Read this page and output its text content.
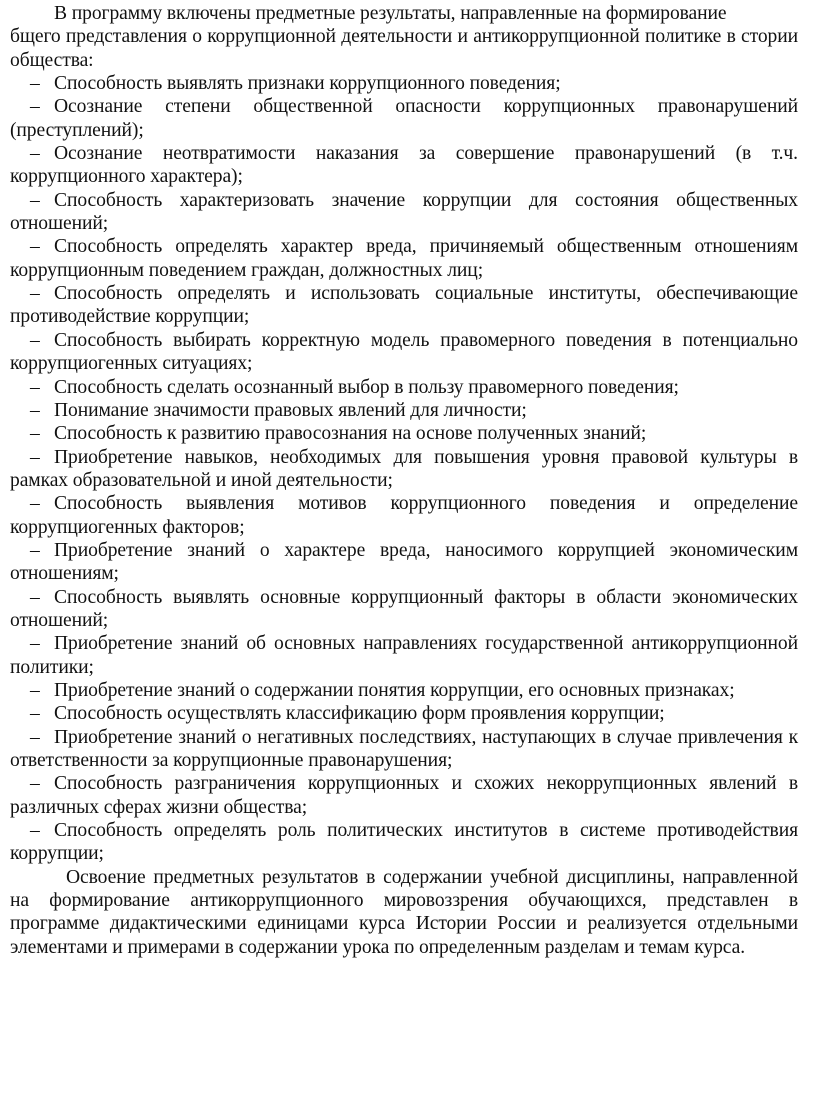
В программу включены предметные результаты, направленные на формирование
бщего представления о коррупционной деятельности и антикоррупционной политике в стории общества:

– Способность выявлять признаки коррупционного поведения;

– Осознание степени общественной опасности коррупционных правонарушений (преступлений);

– Осознание неотвратимости наказания за совершение правонарушений (в т.ч. коррупционного характера);

– Способность характеризовать значение коррупции для состояния общественных отношений;

– Способность определять характер вреда, причиняемый общественным отношениям коррупционным поведением граждан, должностных лиц;

– Способность определять и использовать социальные институты, обеспечивающие противодействие коррупции;

– Способность выбирать корректную модель правомерного поведения в потенциально коррупциогенных ситуациях;

– Способность сделать осознанный выбор в пользу правомерного поведения;

– Понимание значимости правовых явлений для личности;

– Способность к развитию правосознания на основе полученных знаний;

– Приобретение навыков, необходимых для повышения уровня правовой культуры в рамках образовательной и иной деятельности;

– Способность выявления мотивов коррупционного поведения и определение коррупциогенных факторов;

– Приобретение знаний о характере вреда, наносимого коррупцией экономическим отношениям;

– Способность выявлять основные коррупционный факторы в области экономических отношений;

– Приобретение знаний об основных направлениях государственной антикоррупционной политики;

– Приобретение знаний о содержании понятия коррупции, его основных признаках;

– Способность осуществлять классификацию форм проявления коррупции;

– Приобретение знаний о негативных последствиях, наступающих в случае привлечения к ответственности за коррупционные правонарушения;

– Способность разграничения коррупционных и схожих некоррупционных явлений в различных сферах жизни общества;

– Способность определять роль политических институтов в системе противодействия коррупции;

Освоение предметных результатов в содержании учебной дисциплины, направленной на формирование антикоррупционного мировоззрения обучающихся, представлен в программе дидактическими единицами курса Истории России и реализуется отдельными элементами и примерами в содержании урока по определенным разделам и темам курса.
